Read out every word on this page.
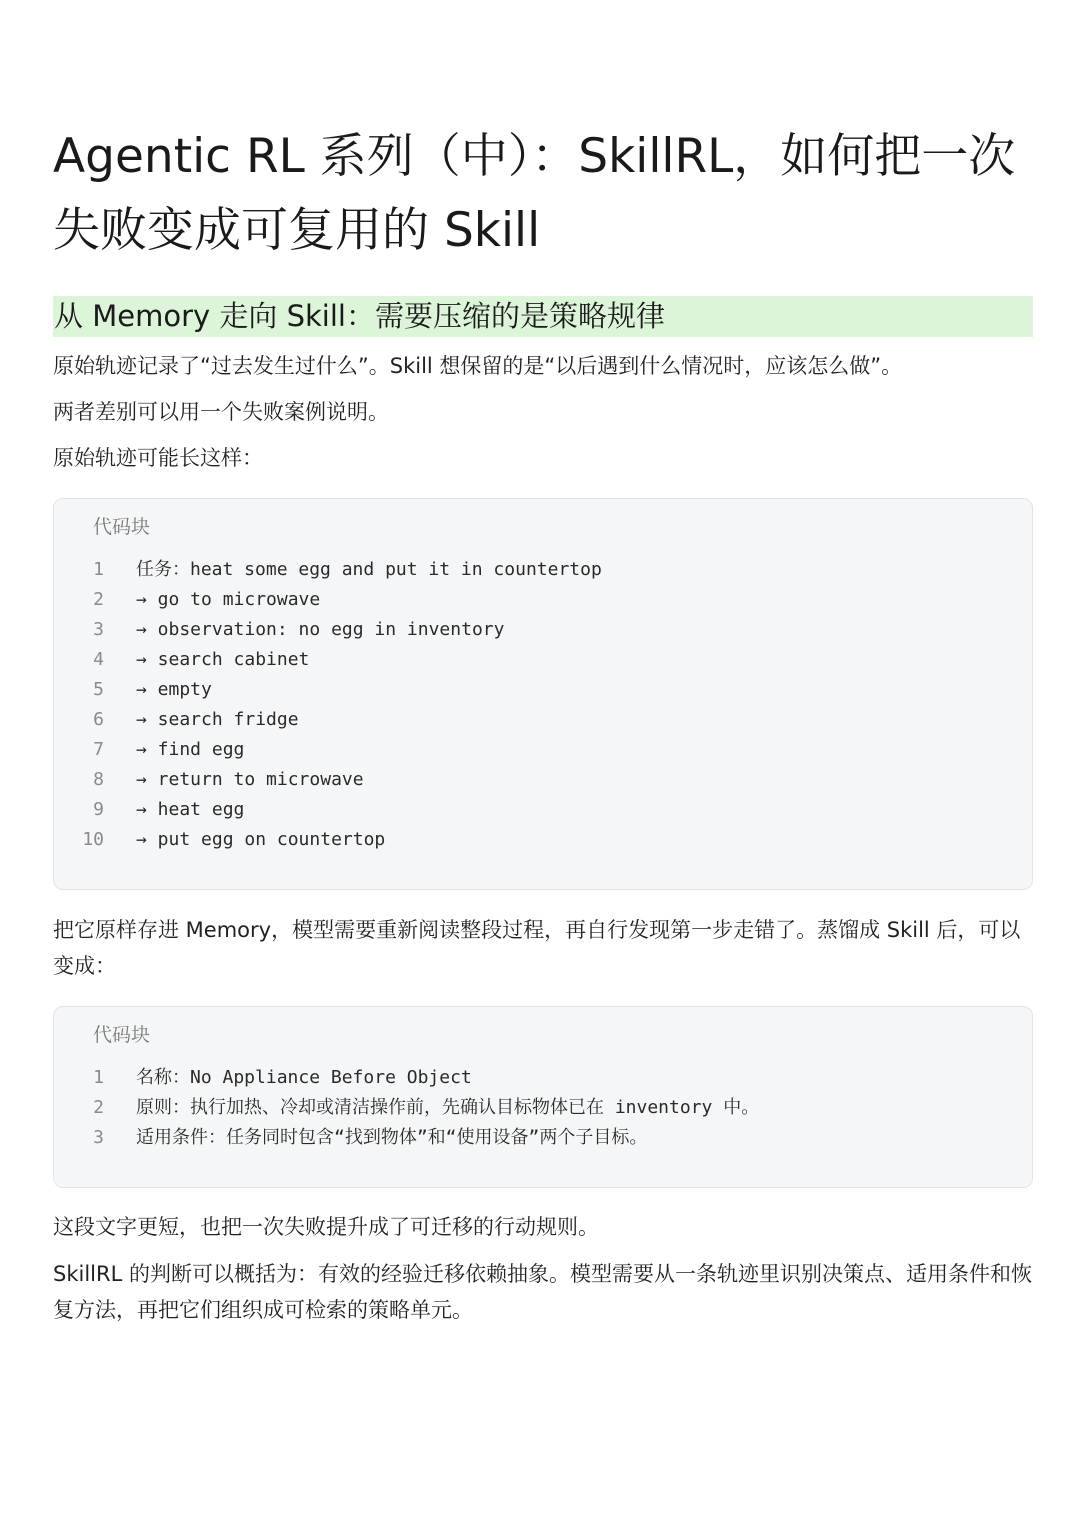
Agentic RL 系列（中）：SkillRL，如何把一次失败变成可复用的 Skill
从 Memory 走向 Skill：需要压缩的是策略规律

原始轨迹记录了“过去发生过什么”。Skill 想保留的是“以后遇到什么情况时，应该怎么做”。

两者差别可以用一个失败案例说明。

原始轨迹可能长这样：

代码块
1 任务：heat some egg and put it in countertop
2 → go to microwave
3 → observation: no egg in inventory
4 → search cabinet
5 → empty
6 → search fridge
7 → find egg
8 → return to microwave
9 → heat egg
10 → put egg on countertop

把它原样存进 Memory，模型需要重新阅读整段过程，再自行发现第一步走错了。蒸馏成 Skill 后，可以变成：

代码块
1 名称：No Appliance Before Object
2 原则：执行加热、冷却或清洁操作前，先确认目标物体已在 inventory 中。
3 适用条件：任务同时包含“找到物体”和“使用设备”两个子目标。

这段文字更短，也把一次失败提升成了可迁移的行动规则。

SkillRL 的判断可以概括为：有效的经验迁移依赖抽象。模型需要从一条轨迹里识别决策点、适用条件和恢复方法，再把它们组织成可检索的策略单元。
